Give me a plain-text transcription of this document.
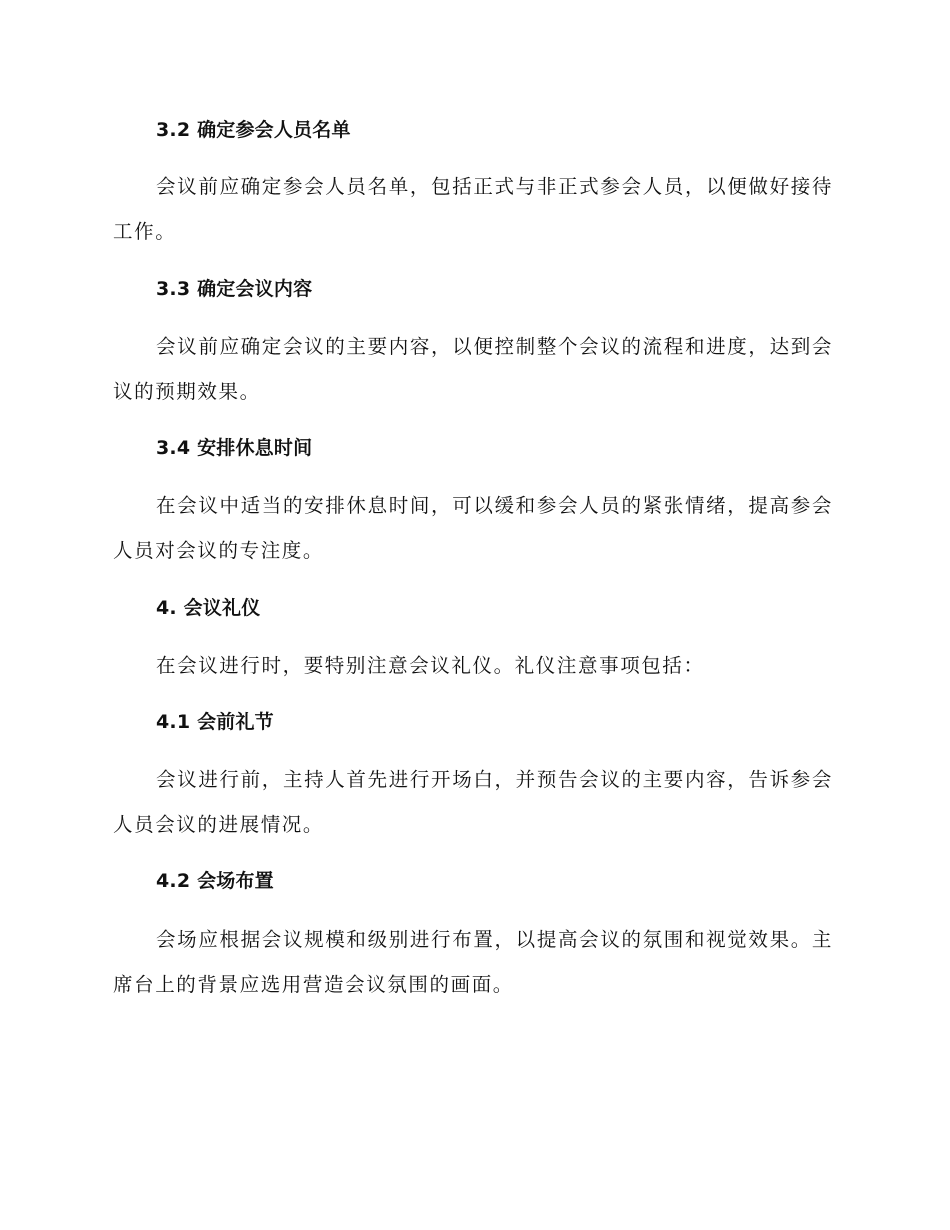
3.2 确定参会人员名单

会议前应确定参会人员名单，包括正式与非正式参会人员，以便做好接待工作。

3.3 确定会议内容

会议前应确定会议的主要内容，以便控制整个会议的流程和进度，达到会议的预期效果。

3.4 安排休息时间

在会议中适当的安排休息时间，可以缓和参会人员的紧张情绪，提高参会人员对会议的专注度。

4. 会议礼仪

在会议进行时，要特别注意会议礼仪。礼仪注意事项包括：

4.1 会前礼节

会议进行前，主持人首先进行开场白，并预告会议的主要内容，告诉参会人员会议的进展情况。

4.2 会场布置

会场应根据会议规模和级别进行布置，以提高会议的氛围和视觉效果。主席台上的背景应选用营造会议氛围的画面。
